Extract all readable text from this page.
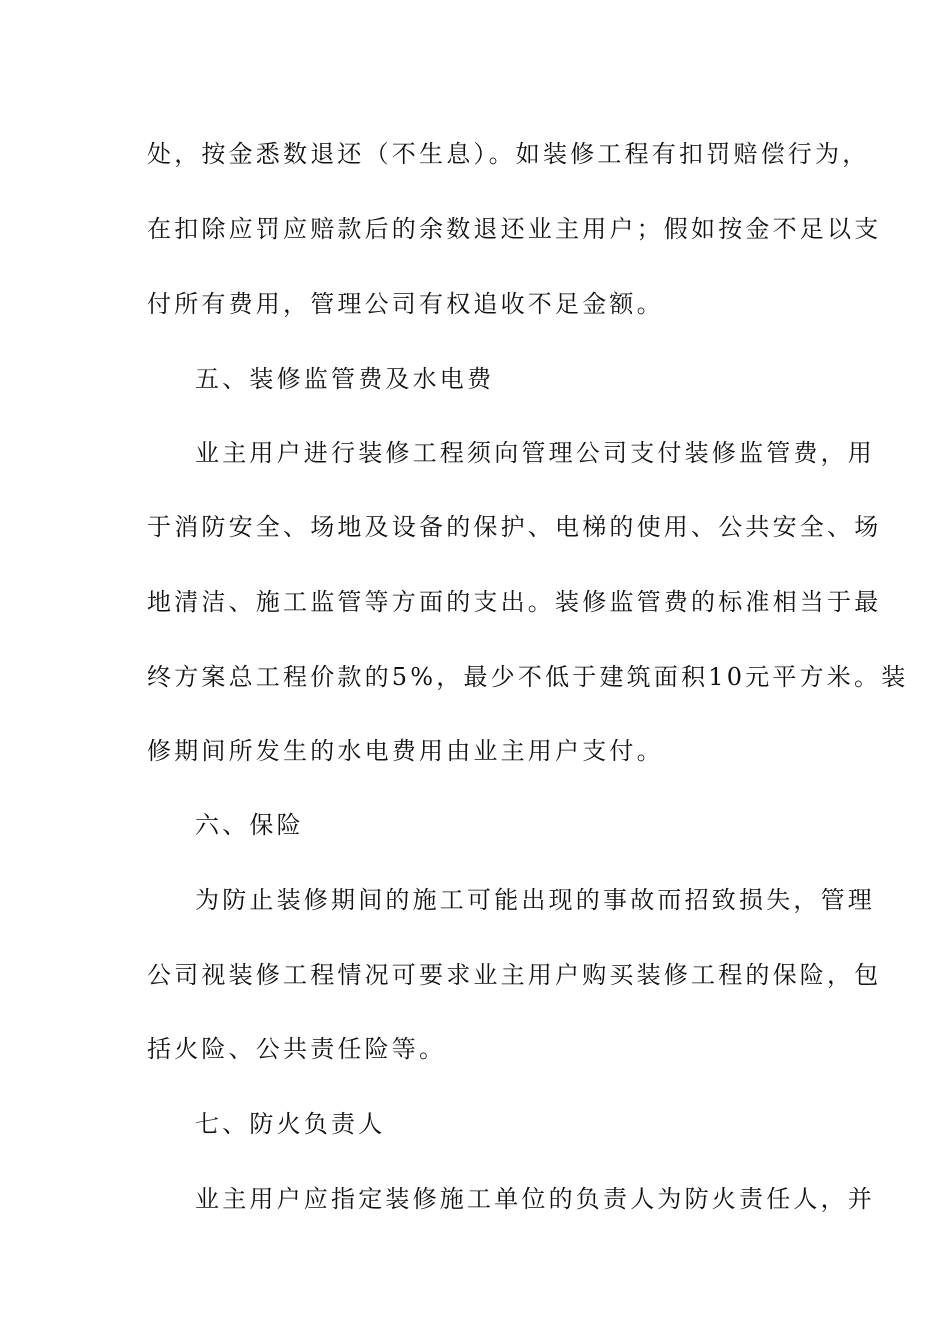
处，按金悉数退还（不生息）。如装修工程有扣罚赔偿行为，
在扣除应罚应赔款后的余数退还业主用户；假如按金不足以支
付所有费用，管理公司有权追收不足金额。
五、装修监管费及水电费
业主用户进行装修工程须向管理公司支付装修监管费，用
于消防安全、场地及设备的保护、电梯的使用、公共安全、场
地清洁、施工监管等方面的支出。装修监管费的标准相当于最
终方案总工程价款的5%，最少不低于建筑面积10元平方米。装
修期间所发生的水电费用由业主用户支付。
六、保险
为防止装修期间的施工可能出现的事故而招致损失，管理
公司视装修工程情况可要求业主用户购买装修工程的保险，包
括火险、公共责任险等。
七、防火负责人
业主用户应指定装修施工单位的负责人为防火责任人，并
